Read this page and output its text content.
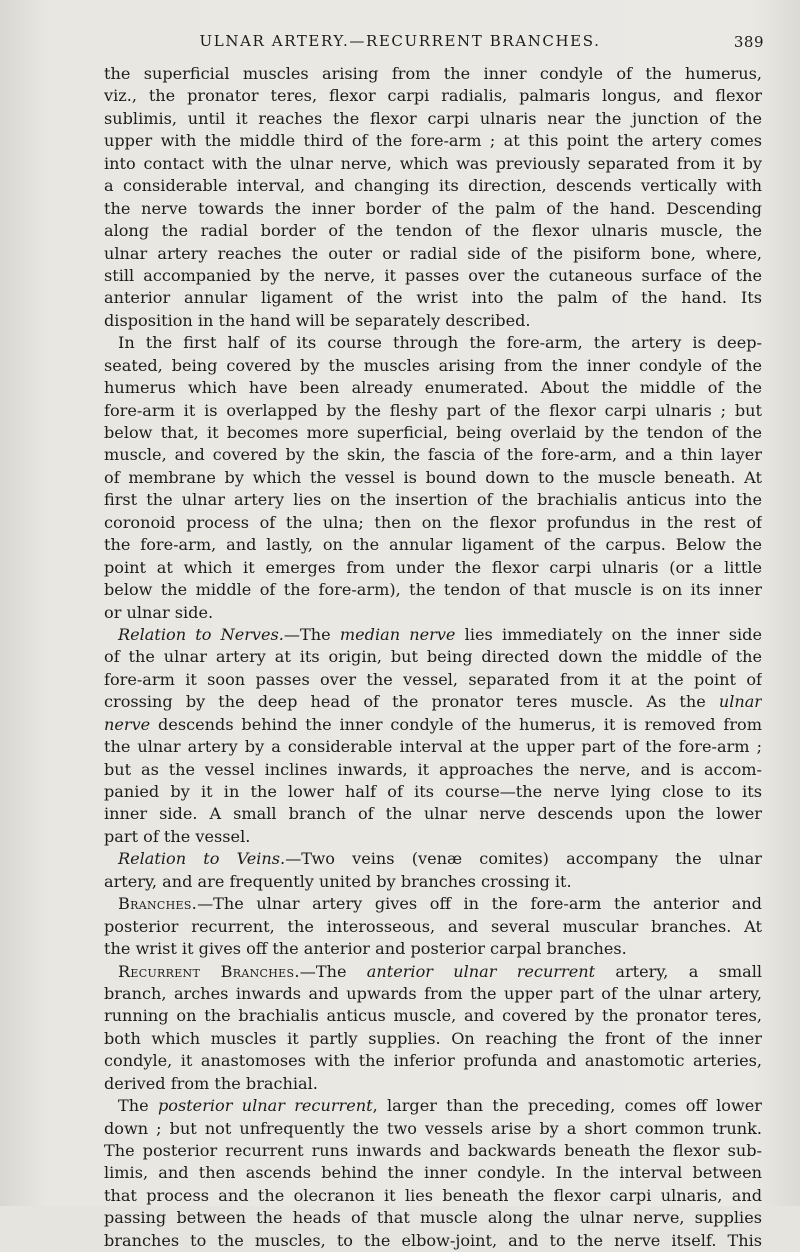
ULNAR ARTERY.—RECURRENT BRANCHES.	389
the superficial muscles arising from the inner condyle of the humerus,
viz., the pronator teres, flexor carpi radialis, palmaris longus, and flexor
sublimis, until it reaches the flexor carpi ulnaris near the junction of the
upper with the middle third of the fore-arm ; at this point the artery comes
into contact with the ulnar nerve, which was previously separated from it by
a considerable interval, and changing its direction, descends vertically with
the nerve towards the inner border of the palm of the hand. Descending
along the radial border of the tendon of the flexor ulnaris muscle, the
ulnar artery reaches the outer or radial side of the pisiform bone, where,
still accompanied by the nerve, it passes over the cutaneous surface of the
anterior annular ligament of the wrist into the palm of the hand. Its
disposition in the hand will be separately described.
In the first half of its course through the fore-arm, the artery is deep-
seated, being covered by the muscles arising from the inner condyle of the
humerus which have been already enumerated. About the middle of the
fore-arm it is overlapped by the fleshy part of the flexor carpi ulnaris ; but
below that, it becomes more superficial, being overlaid by the tendon of the
muscle, and covered by the skin, the fascia of the fore-arm, and a thin layer
of membrane by which the vessel is bound down to the muscle beneath. At
first the ulnar artery lies on the insertion of the brachialis anticus into the
coronoid process of the ulna; then on the flexor profundus in the rest of
the fore-arm, and lastly, on the annular ligament of the carpus. Below the
point at which it emerges from under the flexor carpi ulnaris (or a little
below the middle of the fore-arm), the tendon of that muscle is on its inner
or ulnar side.
Relation to Nerves.—The median nerve lies immediately on the inner side
of the ulnar artery at its origin, but being directed down the middle of the
fore-arm it soon passes over the vessel, separated from it at the point of
crossing by the deep head of the pronator teres muscle. As the ulnar
nerve descends behind the inner condyle of the humerus, it is removed from
the ulnar artery by a considerable interval at the upper part of the fore-arm ;
but as the vessel inclines inwards, it approaches the nerve, and is accom-
panied by it in the lower half of its course—the nerve lying close to its
inner side. A small branch of the ulnar nerve descends upon the lower
part of the vessel.
Relation to Veins.—Two veins (venæ comites) accompany the ulnar
artery, and are frequently united by branches crossing it.
Branches.—The ulnar artery gives off in the fore-arm the anterior and
posterior recurrent, the interosseous, and several muscular branches. At
the wrist it gives off the anterior and posterior carpal branches.
Recurrent Branches.—The anterior ulnar recurrent artery, a small
branch, arches inwards and upwards from the upper part of the ulnar artery,
running on the brachialis anticus muscle, and covered by the pronator teres,
both which muscles it partly supplies. On reaching the front of the inner
condyle, it anastomoses with the inferior profunda and anastomotic arteries,
derived from the brachial.
The posterior ulnar recurrent, larger than the preceding, comes off lower
down ; but not unfrequently the two vessels arise by a short common trunk.
The posterior recurrent runs inwards and backwards beneath the flexor sub-
limis, and then ascends behind the inner condyle. In the interval between
that process and the olecranon it lies beneath the flexor carpi ulnaris, and
passing between the heads of that muscle along the ulnar nerve, supplies
branches to the muscles, to the elbow-joint, and to the nerve itself. This
